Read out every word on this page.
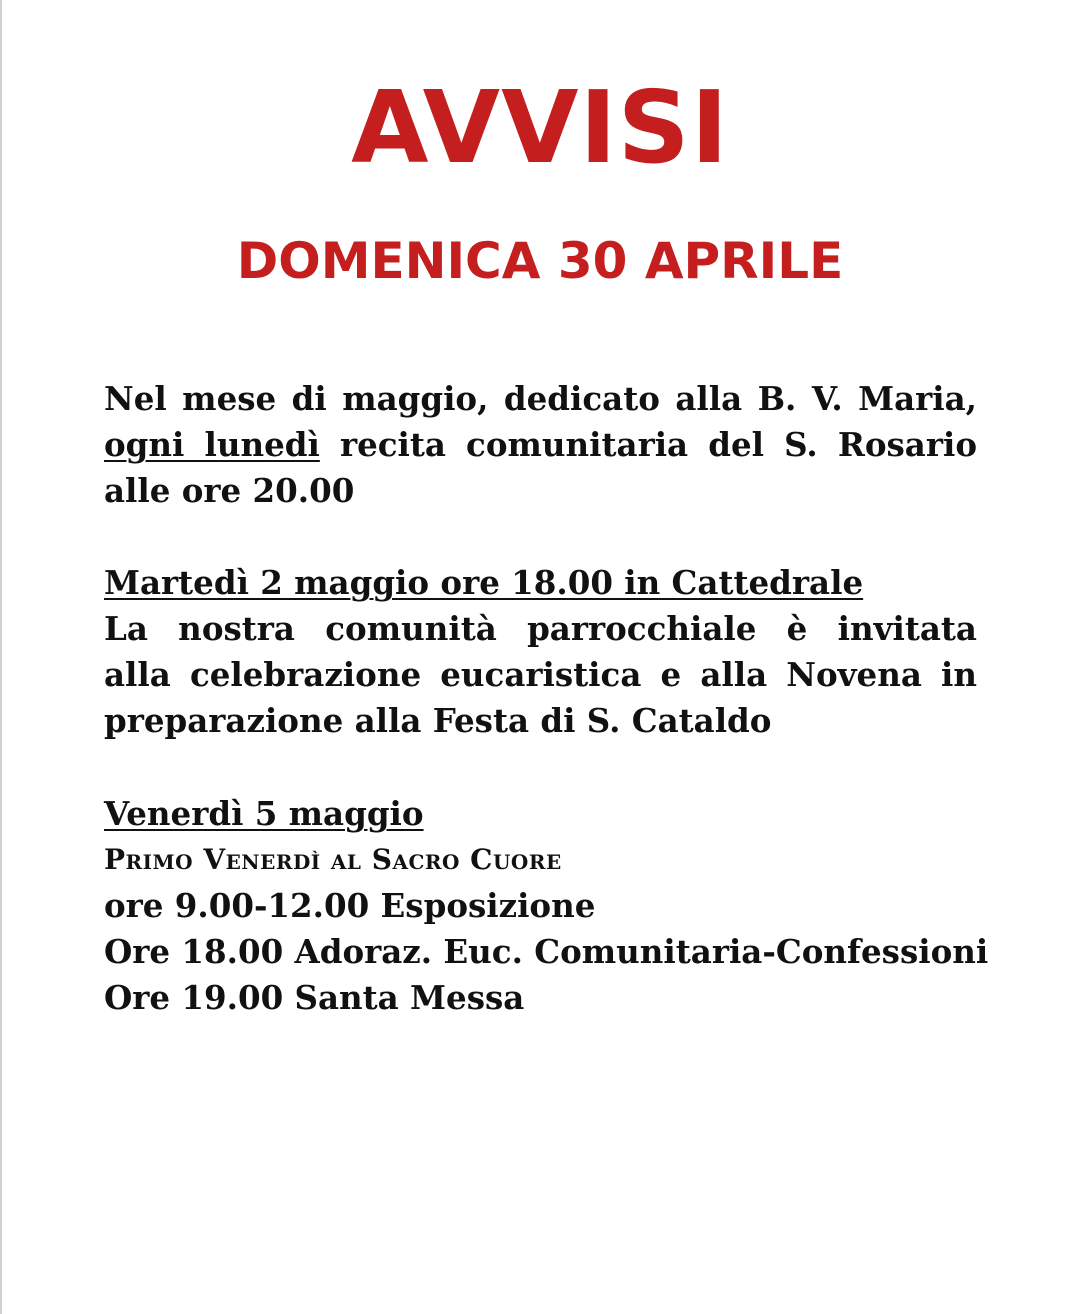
AVVISI
DOMENICA 30 APRILE
Nel mese di maggio, dedicato alla B. V. Maria,
ogni lunedì recita comunitaria del S. Rosario
alle ore 20.00
Martedì 2 maggio ore 18.00 in Cattedrale
La nostra comunità parrocchiale è invitata
alla celebrazione eucaristica e alla Novena in
preparazione alla Festa di S. Cataldo
Venerdì 5 maggio
Primo Venerdì al Sacro Cuore
ore 9.00-12.00 Esposizione
Ore 18.00 Adoraz. Euc. Comunitaria-Confessioni
Ore 19.00 Santa Messa
